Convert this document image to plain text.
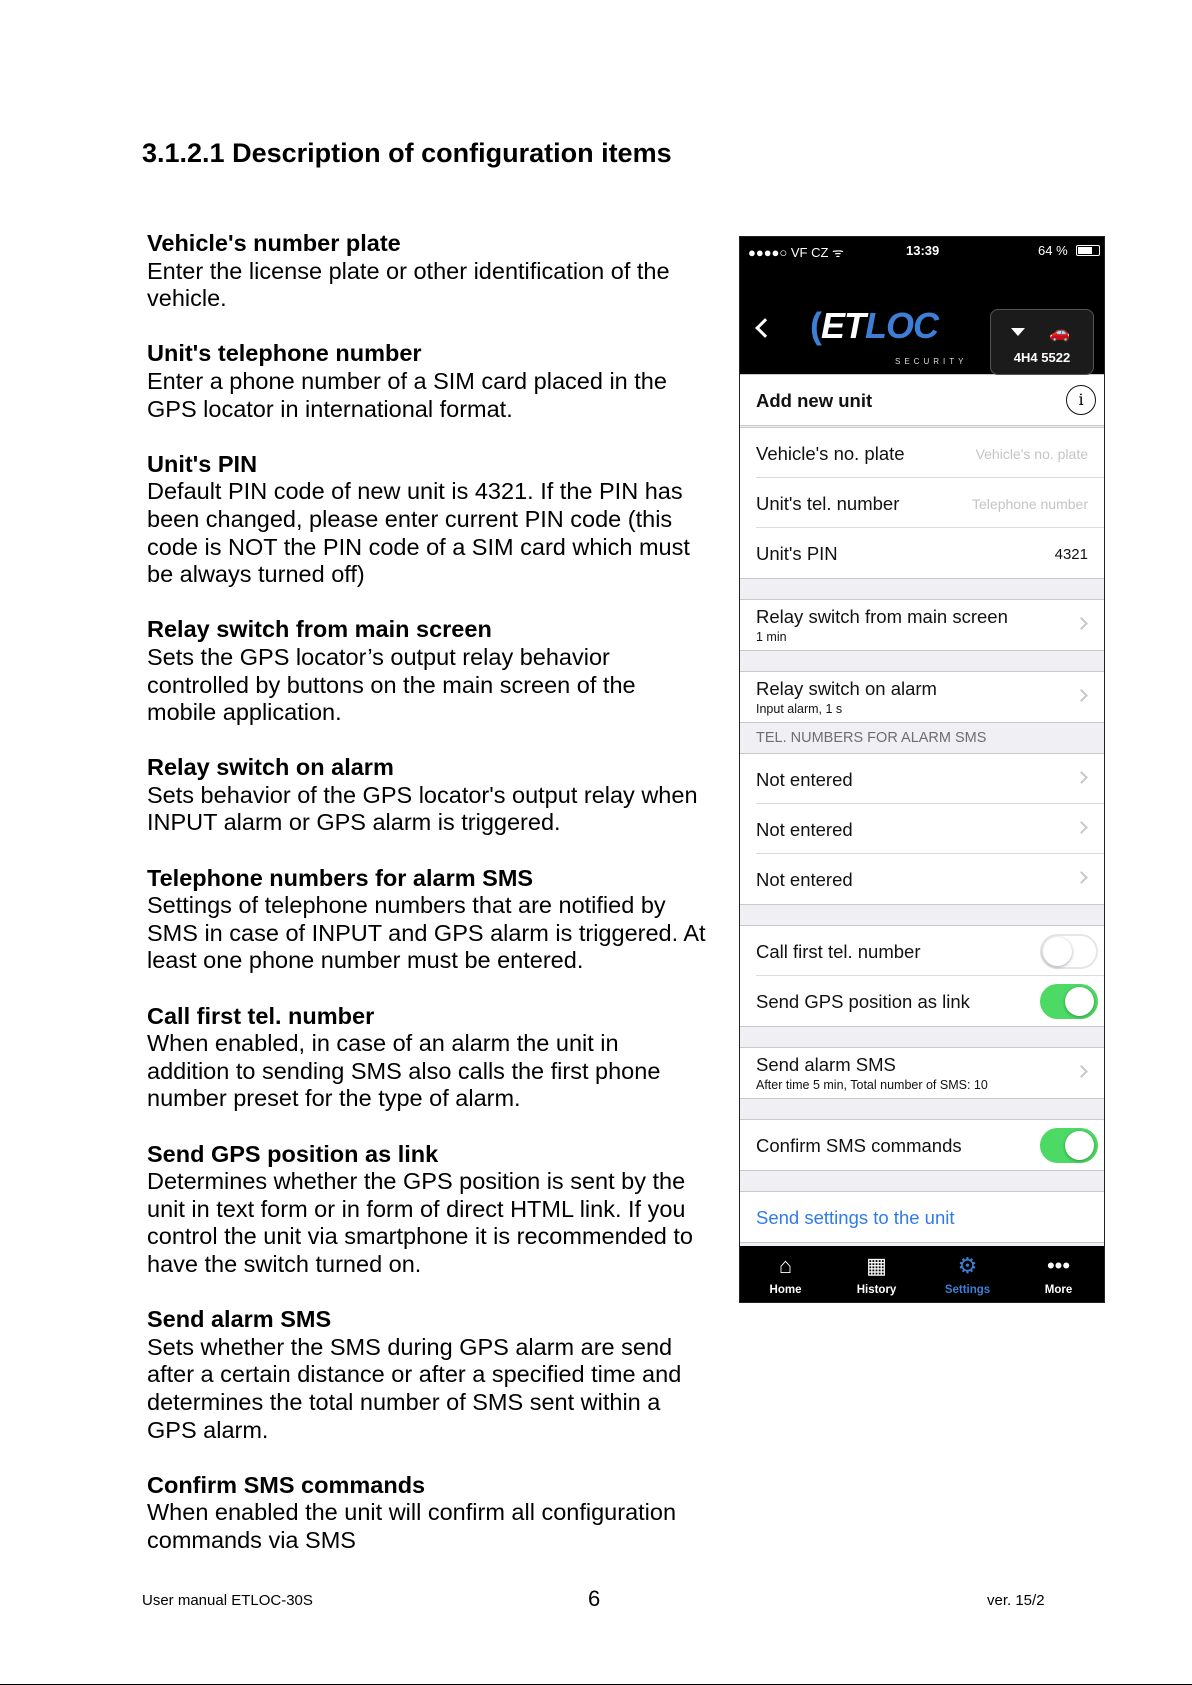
3.1.2.1 Description of configuration items
Vehicle's number plate

Enter the license plate or other identification of the vehicle.

Unit's telephone number

Enter a phone number of a SIM card placed in the GPS locator in international format.

Unit's PIN

Default PIN code of new unit is 4321. If the PIN has been changed, please enter current PIN code (this code is NOT the PIN code of a SIM card which must be always turned off)

Relay switch from main screen

Sets the GPS locator’s output relay behavior controlled by buttons on the main screen of the mobile application.

Relay switch on alarm

Sets behavior of the GPS locator's output relay when INPUT alarm or GPS alarm is triggered.

Telephone numbers for alarm SMS

Settings of telephone numbers that are notified by SMS in case of INPUT and GPS alarm is triggered. At least one phone number must be entered.

Call first tel. number

When enabled, in case of an alarm the unit in addition to sending SMS also calls the first phone number preset for the type of alarm.

Send GPS position as link

Determines whether the GPS position is sent by the unit in text form or in form of direct HTML link. If you control the unit via smartphone it is recommended to have the switch turned on.

Send alarm SMS

Sets whether the SMS during GPS alarm are send after a certain distance or after a specified time and determines the total number of SMS sent within a GPS alarm.

Confirm SMS commands

When enabled the unit will confirm all configuration commands via SMS

●●●●○ VF CZ ᯤ	13:39	64 %
(ETLOC
SECURITY
🚗
4H4 5522
Add new unit	i
Vehicle's no. plate	Vehicle's no. plate
Unit's tel. number	Telephone number
Unit's PIN	4321
Relay switch from main screen
1 min
Relay switch on alarm
Input alarm, 1 s
TEL. NUMBERS FOR ALARM SMS
Not entered
Not entered
Not entered
Call first tel. number
Send GPS position as link
Send alarm SMS
After time 5 min, Total number of SMS: 10
Confirm SMS commands
Send settings to the unit
⌂
Home
▦
History
⚙
Settings
•••
More
User manual ETLOC-30S	6	ver. 15/2
